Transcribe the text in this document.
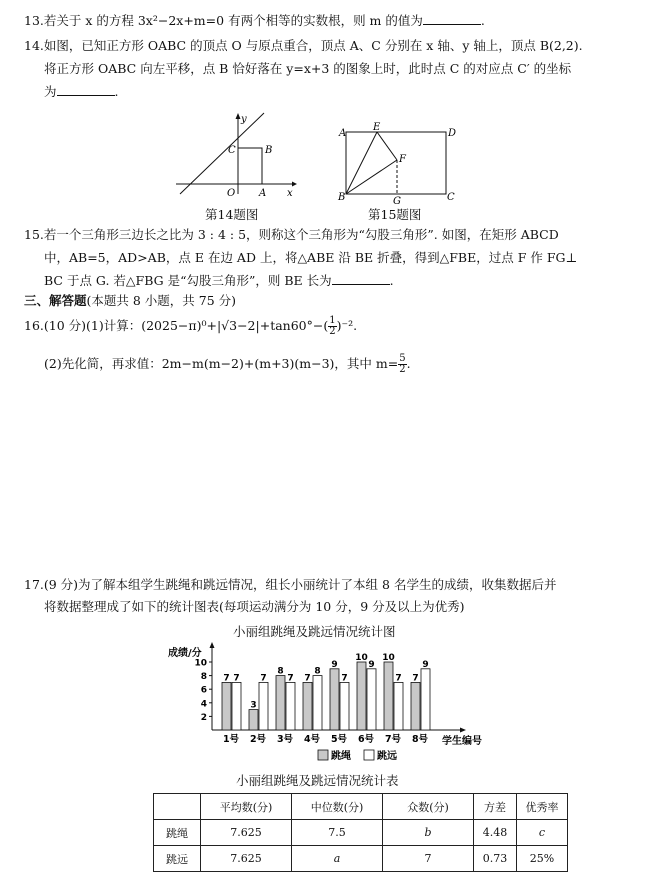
13.若关于 x 的方程 3x²−2x+m=0 有两个相等的实数根，则 m 的值为	.
14.如图，已知正方形 OABC 的顶点 O 与原点重合，顶点 A、C 分别在 x 轴、y 轴上，顶点 B(2,2).
将正方形 OABC 向左平移，点 B 恰好落在 y=x+3 的图象上时，此时点 C 的对应点 C′ 的坐标
为	.
y
x
O A
B
C
第14题图
A
E
D
F
B	G	C
第15题图
15.若一个三角形三边长之比为 3 : 4 : 5，则称这个三角形为“勾股三角形”. 如图，在矩形 ABCD
中，AB=5，AD>AB，点 E 在边 AD 上，将△ABE 沿 BE 折叠，得到△FBE，过点 F 作 FG⊥
BC 于点 G. 若△FBG 是“勾股三角形”，则 BE 长为	.
三、解答题(本题共 8 小题，共 75 分)
16.(10 分)(1)计算：$(2025-\pi)^0+|√3-2|+\tan 60^\circ-( \frac{1}{2} )^{-2}$.
(2)先化简，再求值：2m−m(m−2)+(m+3)(m−3)，其中 $m= \frac{5}{2}$ .
17.(9 分)为了解本组学生跳绳和跳远情况，组长小丽统计了本组 8 名学生的成绩，收集数据后并
将数据整理成了如下的统计图表(每项运动满分为 10 分，9 分及以上为优秀)
小丽组跳绳及跳远情况统计图
成绩/分
2
4
6
8
10
7 7
1号
3
7
2号
8
7
3号
7
8
4号
9
7
5号
10
9
6号
10
7
7号
7
9
8号 学生编号
跳绳	跳远
小丽组跳绳及跳远情况统计表
	平均数(分)	中位数(分)	众数(分)	方差	优秀率
跳绳	7.625	7.5	b	4.48	c
跳远	7.625	a	7	0.73	25%
